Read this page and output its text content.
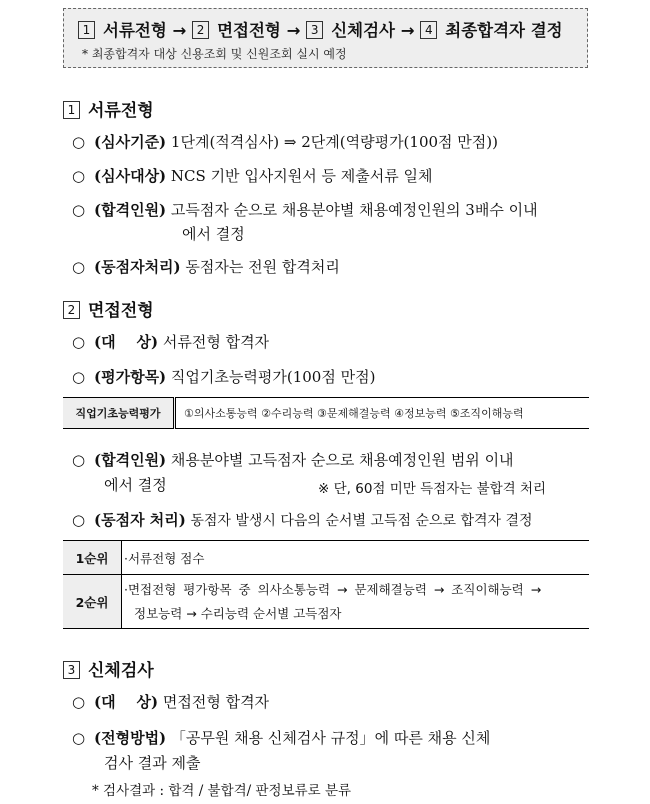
1 서류전형 → 2 면접전형 → 3 신체검사 → 4 최종합격자 결정
* 최종합격자 대상 신용조회 및 신원조회 실시 예정
1 서류전형
○ (심사기준) 1단계(적격심사) ⇒ 2단계(역량평가(100점 만점))
○ (심사대상) NCS 기반 입사지원서 등 제출서류 일체
○ (합격인원) 고득점자 순으로 채용분야별 채용예정인원의 3배수 이내
에서 결정
○ (동점자처리) 동점자는 전원 합격처리
2 면접전형
○ (대    상) 서류전형 합격자
○ (평가항목) 직업기초능력평가(100점 만점)
직업기초능력평가	①의사소통능력 ②수리능력 ③문제해결능력 ④정보능력 ⑤조직이해능력
○ (합격인원) 채용분야별 고득점자 순으로 채용예정인원 범위 이내
에서 결정	※ 단, 60점 미만 득점자는 불합격 처리
○ (동점자 처리) 동점자 발생시 다음의 순서별 고득점 순으로 합격자 결정
1순위	·서류전형 점수
2순위	·면접전형 평가항목 중 의사소통능력 → 문제해결능력 → 조직이해능력 →
정보능력 → 수리능력 순서별 고득점자
3 신체검사
○ (대    상) 면접전형 합격자
○ (전형방법) 「공무원 채용 신체검사 규정」에 따른 채용 신체
검사 결과 제출
* 검사결과 : 합격 / 불합격/ 판정보류로 분류
